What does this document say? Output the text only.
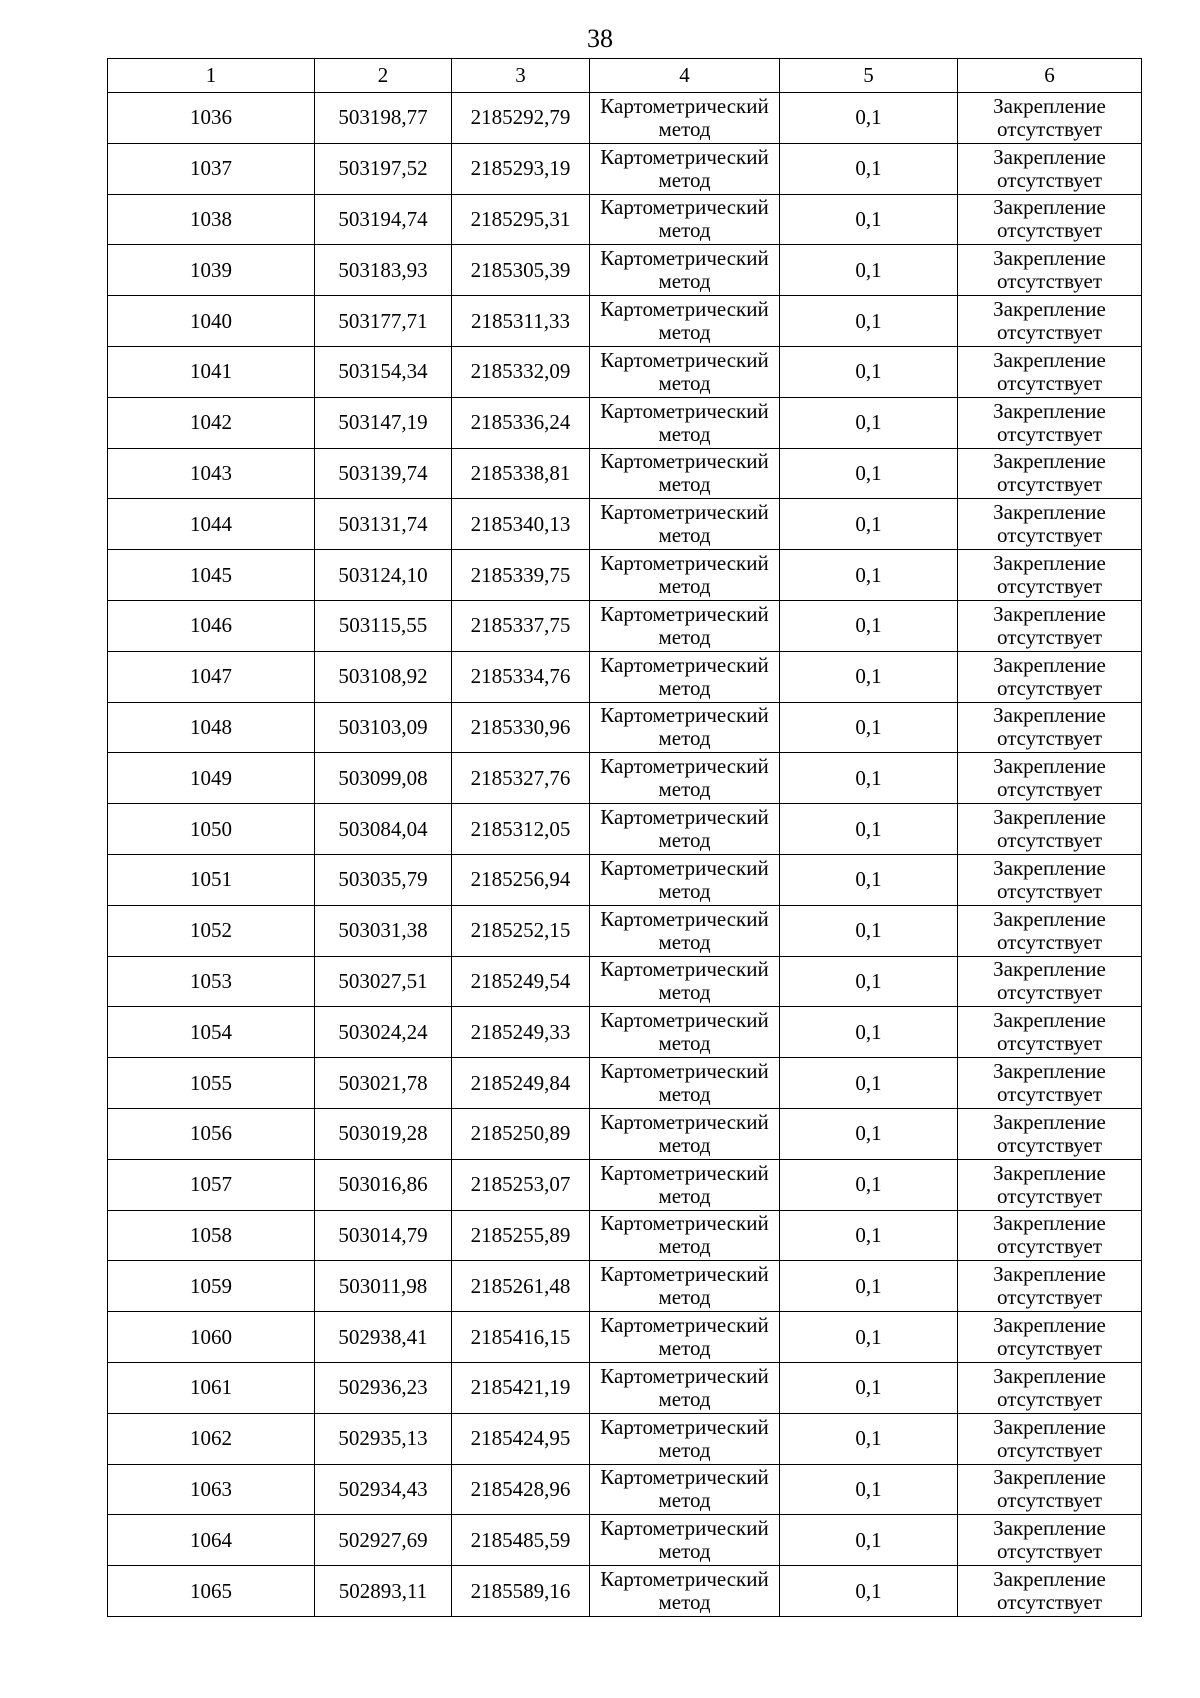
38
1	2	3	4	5	6
1036	503198,77	2185292,79	Картометрический
метод	0,1	Закрепление
отсутствует

1037	503197,52	2185293,19	Картометрический
метод	0,1	Закрепление
отсутствует

1038	503194,74	2185295,31	Картометрический
метод	0,1	Закрепление
отсутствует

1039	503183,93	2185305,39	Картометрический
метод	0,1	Закрепление
отсутствует

1040	503177,71	2185311,33	Картометрический
метод	0,1	Закрепление
отсутствует

1041	503154,34	2185332,09	Картометрический
метод	0,1	Закрепление
отсутствует

1042	503147,19	2185336,24	Картометрический
метод	0,1	Закрепление
отсутствует

1043	503139,74	2185338,81	Картометрический
метод	0,1	Закрепление
отсутствует

1044	503131,74	2185340,13	Картометрический
метод	0,1	Закрепление
отсутствует

1045	503124,10	2185339,75	Картометрический
метод	0,1	Закрепление
отсутствует

1046	503115,55	2185337,75	Картометрический
метод	0,1	Закрепление
отсутствует

1047	503108,92	2185334,76	Картометрический
метод	0,1	Закрепление
отсутствует

1048	503103,09	2185330,96	Картометрический
метод	0,1	Закрепление
отсутствует

1049	503099,08	2185327,76	Картометрический
метод	0,1	Закрепление
отсутствует

1050	503084,04	2185312,05	Картометрический
метод	0,1	Закрепление
отсутствует

1051	503035,79	2185256,94	Картометрический
метод	0,1	Закрепление
отсутствует

1052	503031,38	2185252,15	Картометрический
метод	0,1	Закрепление
отсутствует

1053	503027,51	2185249,54	Картометрический
метод	0,1	Закрепление
отсутствует

1054	503024,24	2185249,33	Картометрический
метод	0,1	Закрепление
отсутствует

1055	503021,78	2185249,84	Картометрический
метод	0,1	Закрепление
отсутствует

1056	503019,28	2185250,89	Картометрический
метод	0,1	Закрепление
отсутствует

1057	503016,86	2185253,07	Картометрический
метод	0,1	Закрепление
отсутствует

1058	503014,79	2185255,89	Картометрический
метод	0,1	Закрепление
отсутствует

1059	503011,98	2185261,48	Картометрический
метод	0,1	Закрепление
отсутствует

1060	502938,41	2185416,15	Картометрический
метод	0,1	Закрепление
отсутствует

1061	502936,23	2185421,19	Картометрический
метод	0,1	Закрепление
отсутствует

1062	502935,13	2185424,95	Картометрический
метод	0,1	Закрепление
отсутствует

1063	502934,43	2185428,96	Картометрический
метод	0,1	Закрепление
отсутствует

1064	502927,69	2185485,59	Картометрический
метод	0,1	Закрепление
отсутствует

1065	502893,11	2185589,16	Картометрический
метод	0,1	Закрепление
отсутствует
